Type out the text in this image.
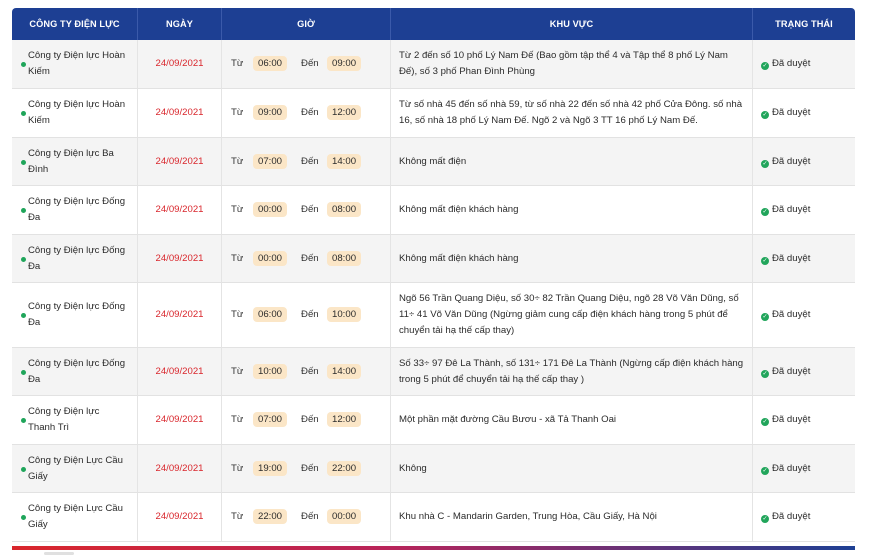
CÔNG TY ĐIỆN LỰC	NGÀY	GIỜ	KHU VỰC	TRẠNG THÁI

Công ty Điện lực Hoàn Kiếm	24/09/2021	Từ 06:00 Đến 09:00	Từ 2 đến số 10 phố Lý Nam Đế (Bao gồm tập thể 4 và Tập thể 8 phố Lý Nam Đế), số 3 phố Phan Đình Phùng	✓ Đã duyệt

Công ty Điện lực Hoàn Kiếm	24/09/2021	Từ 09:00 Đến 12:00	Từ số nhà 45 đến số nhà 59, từ số nhà 22 đến số nhà 42 phố Cửa Đông. số nhà 16, số nhà 18 phố Lý Nam Đế. Ngõ 2 và Ngõ 3 TT 16 phố Lý Nam Đế.	✓ Đã duyệt

Công ty Điện lực Ba Đình	24/09/2021	Từ 07:00 Đến 14:00	Không mất điện	✓ Đã duyệt

Công ty Điện lực Đống Đa	24/09/2021	Từ 00:00 Đến 08:00	Không mất điện khách hàng	✓ Đã duyệt

Công ty Điện lực Đống Đa	24/09/2021	Từ 00:00 Đến 08:00	Không mất điện khách hàng	✓ Đã duyệt

Công ty Điện lực Đống Đa	24/09/2021	Từ 06:00 Đến 10:00	Ngõ 56 Trần Quang Diệu, số 30÷ 82 Trần Quang Diệu, ngõ 28 Võ Văn Dũng, số 11÷ 41 Võ Văn Dũng (Ngừng giảm cung cấp điện khách hàng trong 5 phút để chuyển tải hạ thế cấp thay)	✓ Đã duyệt

Công ty Điện lực Đống Đa	24/09/2021	Từ 10:00 Đến 14:00	Số 33÷ 97 Đê La Thành, số 131÷ 171 Đê La Thành (Ngừng cấp điện khách hàng trong 5 phút để chuyển tải hạ thế cấp thay )	✓ Đã duyệt

Công ty Điện lực Thanh Trì	24/09/2021	Từ 07:00 Đến 12:00	Một phần mặt đường Cầu Bươu - xã Tả Thanh Oai	✓ Đã duyệt

Công ty Điện Lực Cầu Giấy	24/09/2021	Từ 19:00 Đến 22:00	Không	✓ Đã duyệt

Công ty Điện Lực Cầu Giấy	24/09/2021	Từ 22:00 Đến 00:00	Khu nhà C - Mandarin Garden, Trung Hòa, Cầu Giấy, Hà Nội	✓ Đã duyệt
